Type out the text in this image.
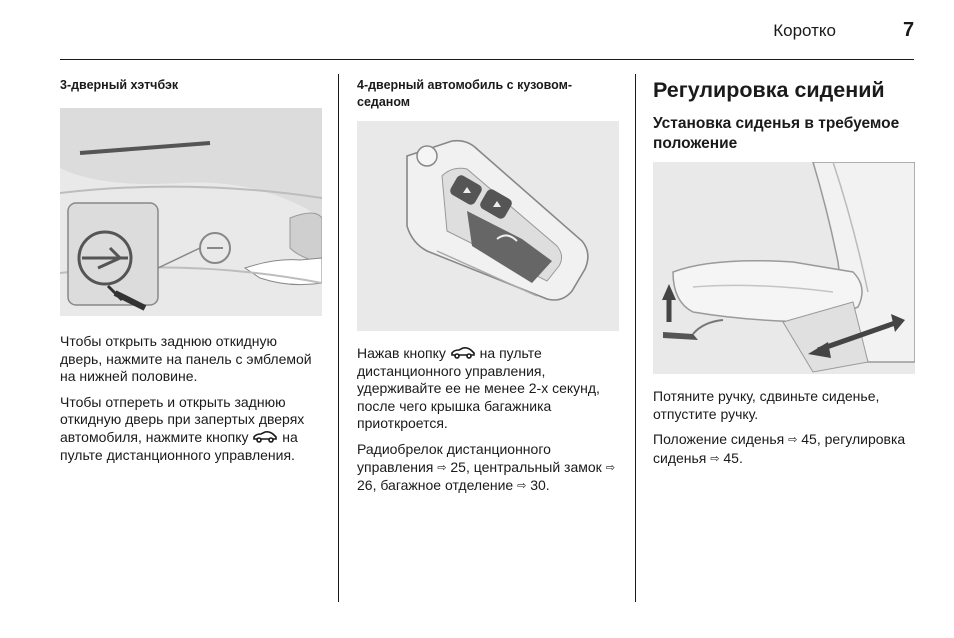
Коротко	7

3-дверный хэтчбэк

Чтобы открыть заднюю откидную дверь, нажмите на панель с эмблемой на нижней половине.

Чтобы отпереть и открыть заднюю откидную дверь при запертых дверях автомобиля, нажмите кнопку на пульте дистанционного управления.

4-дверный автомобиль с кузовом-седаном

Нажав кнопку на пульте дистанционного управления, удерживайте ее не менее 2-х секунд, после чего крышка багажника приоткроется.

Радиобрелок дистанционного управления ⇨ 25, центральный замок ⇨ 26, багажное отделение ⇨ 30.

Регулировка сидений

Установка сиденья в требуемое положение

Потяните ручку, сдвиньте сиденье, отпустите ручку.

Положение сиденья ⇨ 45, регулировка сиденья ⇨ 45.
